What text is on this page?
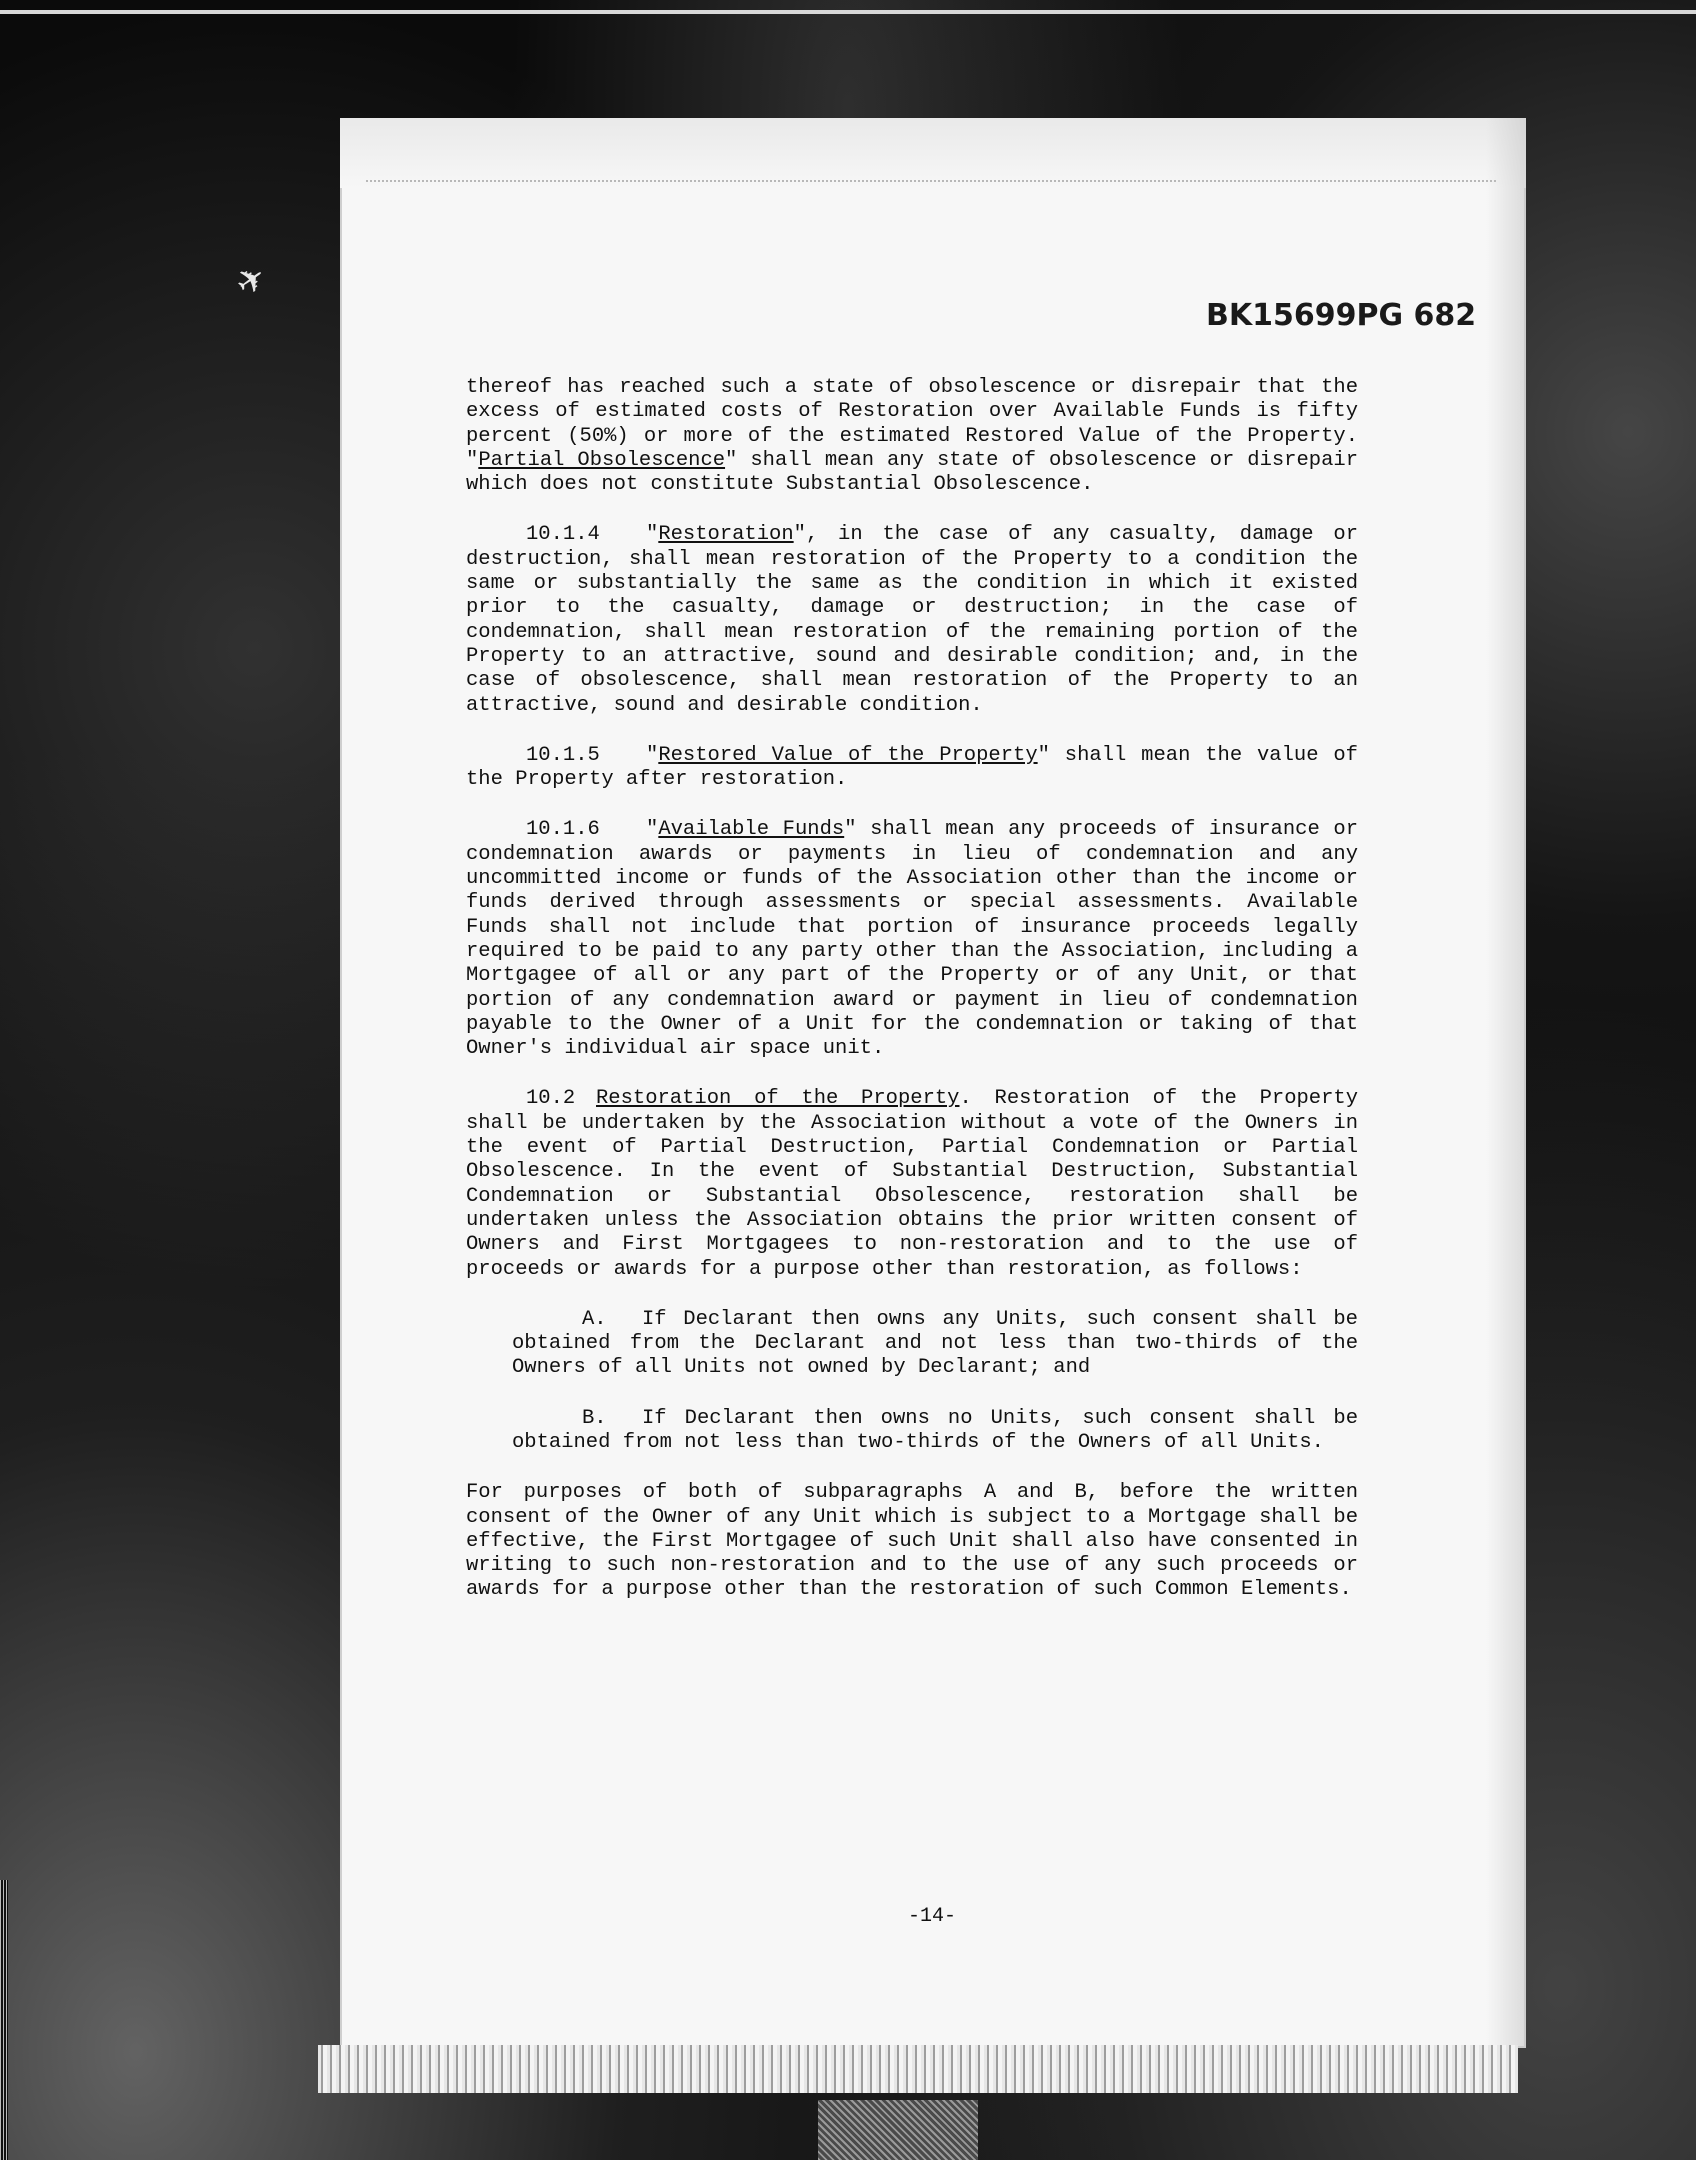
✈
BK15699PG 682

thereof has reached such a state of obsolescence or disrepair that the excess of estimated costs of Restoration over Available Funds is fifty percent (50%) or more of the estimated Restored Value of the Property. "Partial Obsolescence" shall mean any state of obsolescence or disrepair which does not constitute Substantial Obsolescence.

10.1.4 "Restoration", in the case of any casualty, damage or destruction, shall mean restoration of the Property to a condition the same or substantially the same as the condition in which it existed prior to the casualty, damage or destruction; in the case of condemnation, shall mean restoration of the remaining portion of the Property to an attractive, sound and desirable condition; and, in the case of obsolescence, shall mean restoration of the Property to an attractive, sound and desirable condition.

10.1.5 "Restored Value of the Property" shall mean the value of the Property after restoration.

10.1.6 "Available Funds" shall mean any proceeds of insurance or condemnation awards or payments in lieu of condemnation and any uncommitted income or funds of the Association other than the income or funds derived through assessments or special assessments. Available Funds shall not include that portion of insurance proceeds legally required to be paid to any party other than the Association, including a Mortgagee of all or any part of the Property or of any Unit, or that portion of any condemnation award or payment in lieu of condemnation payable to the Owner of a Unit for the condemnation or taking of that Owner's individual air space unit.

10.2 Restoration of the Property. Restoration of the Property shall be undertaken by the Association without a vote of the Owners in the event of Partial Destruction, Partial Condemnation or Partial Obsolescence. In the event of Substantial Destruction, Substantial Condemnation or Substantial Obsolescence, restoration shall be undertaken unless the Association obtains the prior written consent of Owners and First Mortgagees to non-restoration and to the use of proceeds or awards for a purpose other than restoration, as follows:

A. If Declarant then owns any Units, such consent shall be obtained from the Declarant and not less than two-thirds of the Owners of all Units not owned by Declarant; and

B. If Declarant then owns no Units, such consent shall be obtained from not less than two-thirds of the Owners of all Units.

For purposes of both of subparagraphs A and B, before the written consent of the Owner of any Unit which is subject to a Mortgage shall be effective, the First Mortgagee of such Unit shall also have consented in writing to such non-restoration and to the use of any such proceeds or awards for a purpose other than the restoration of such Common Elements.

-14-
